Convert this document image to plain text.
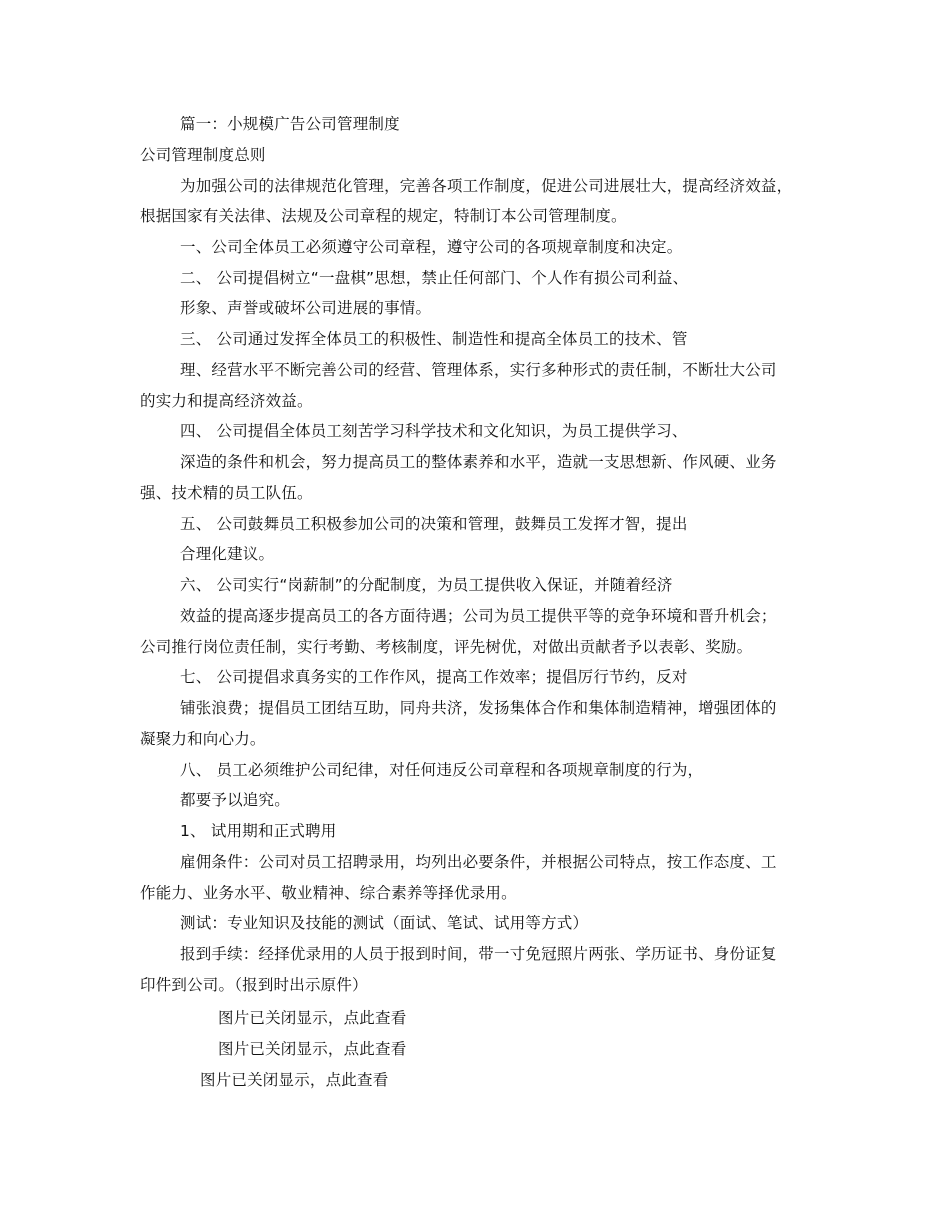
篇一：小规模广告公司管理制度
公司管理制度总则
为加强公司的法律规范化管理，完善各项工作制度，促进公司进展壮大，提高经济效益，
根据国家有关法律、法规及公司章程的规定，特制订本公司管理制度。
一、公司全体员工必须遵守公司章程，遵守公司的各项规章制度和决定。
二、 公司提倡树立“一盘棋”思想，禁止任何部门、个人作有损公司利益、
形象、声誉或破坏公司进展的事情。
三、 公司通过发挥全体员工的积极性、制造性和提高全体员工的技术、管
理、经营水平不断完善公司的经营、管理体系，实行多种形式的责任制，不断壮大公司
的实力和提高经济效益。
四、 公司提倡全体员工刻苦学习科学技术和文化知识，为员工提供学习、
深造的条件和机会，努力提高员工的整体素养和水平，造就一支思想新、作风硬、业务
强、技术精的员工队伍。
五、 公司鼓舞员工积极参加公司的决策和管理，鼓舞员工发挥才智，提出
合理化建议。
六、 公司实行“岗薪制”的分配制度，为员工提供收入保证，并随着经济
效益的提高逐步提高员工的各方面待遇；公司为员工提供平等的竞争环境和晋升机会；
公司推行岗位责任制，实行考勤、考核制度，评先树优，对做出贡献者予以表彰、奖励。
七、 公司提倡求真务实的工作作风，提高工作效率；提倡厉行节约，反对
铺张浪费；提倡员工团结互助，同舟共济，发扬集体合作和集体制造精神，增强团体的
凝聚力和向心力。
八、 员工必须维护公司纪律，对任何违反公司章程和各项规章制度的行为，
都要予以追究。
1、 试用期和正式聘用
雇佣条件：公司对员工招聘录用，均列出必要条件，并根据公司特点，按工作态度、工
作能力、业务水平、敬业精神、综合素养等择优录用。
测试：专业知识及技能的测试（面试、笔试、试用等方式）
报到手续：经择优录用的人员于报到时间，带一寸免冠照片两张、学历证书、身份证复
印件到公司。（报到时出示原件）
图片已关闭显示，点此查看
图片已关闭显示，点此查看
图片已关闭显示，点此查看
